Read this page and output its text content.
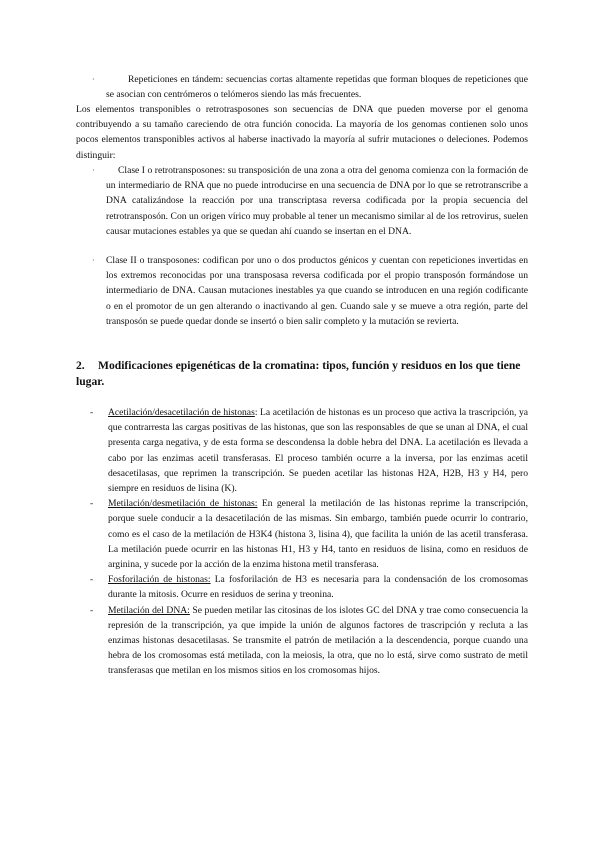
·	Repeticiones en tándem: secuencias cortas altamente repetidas que forman bloques de repeticiones que se asocian con centrómeros o telómeros siendo las más frecuentes.

Los elementos transponibles o retrotrasposones son secuencias de DNA que pueden moverse por el genoma contribuyendo a su tamaño careciendo de otra función conocida. La mayoría de los genomas contienen solo unos pocos elementos transponibles activos al haberse inactivado la mayoría al sufrir mutaciones o deleciones. Podemos distinguir:

·	Clase I o retrotransposones: su transposición de una zona a otra del genoma comienza con la formación de un intermediario de RNA que no puede introducirse en una secuencia de DNA por lo que se retrotranscribe a DNA catalizándose la reacción por una transcriptasa reversa codificada por la propia secuencia del retrotransposón. Con un origen vírico muy probable al tener un mecanismo similar al de los retrovirus, suelen causar mutaciones estables ya que se quedan ahí cuando se insertan en el DNA.

· Clase II o transposones: codifican por uno o dos productos génicos y cuentan con repeticiones invertidas en los extremos reconocidas por una transposasa reversa codificada por el propio transposón formándose un intermediario de DNA. Causan mutaciones inestables ya que cuando se introducen en una región codificante o en el promotor de un gen alterando o inactivando al gen. Cuando sale y se mueve a otra región, parte del transposón se puede quedar donde se insertó o bien salir completo y la mutación se revierta.

2. Modificaciones epigenéticas de la cromatina: tipos, función y residuos en los que tiene lugar.

- Acetilación/desacetilación de histonas: La acetilación de histonas es un proceso que activa la trascripción, ya que contrarresta las cargas positivas de las histonas, que son las responsables de que se unan al DNA, el cual presenta carga negativa, y de esta forma se descondensa la doble hebra del DNA. La acetilación es llevada a cabo por las enzimas acetil transferasas. El proceso también ocurre a la inversa, por las enzimas acetil desacetilasas, que reprimen la transcripción. Se pueden acetilar las histonas H2A, H2B, H3 y H4, pero siempre en residuos de lisina (K).

- Metilación/desmetilación de histonas: En general la metilación de las histonas reprime la transcripción, porque suele conducir a la desacetilación de las mismas. Sin embargo, también puede ocurrir lo contrario, como es el caso de la metilación de H3K4 (histona 3, lisina 4), que facilita la unión de las acetil transferasa. La metilación puede ocurrir en las histonas H1, H3 y H4, tanto en residuos de lisina, como en residuos de arginina, y sucede por la acción de la enzima histona metil transferasa.

- Fosforilación de histonas: La fosforilación de H3 es necesaria para la condensación de los cromosomas durante la mitosis. Ocurre en residuos de serina y treonina.

- Metilación del DNA: Se pueden metilar las citosinas de los islotes GC del DNA y trae como consecuencia la represión de la transcripción, ya que impide la unión de algunos factores de trascripción y recluta a las enzimas histonas desacetilasas. Se transmite el patrón de metilación a la descendencia, porque cuando una hebra de los cromosomas está metilada, con la meiosis, la otra, que no lo está, sirve como sustrato de metil transferasas que metilan en los mismos sitios en los cromosomas hijos.
